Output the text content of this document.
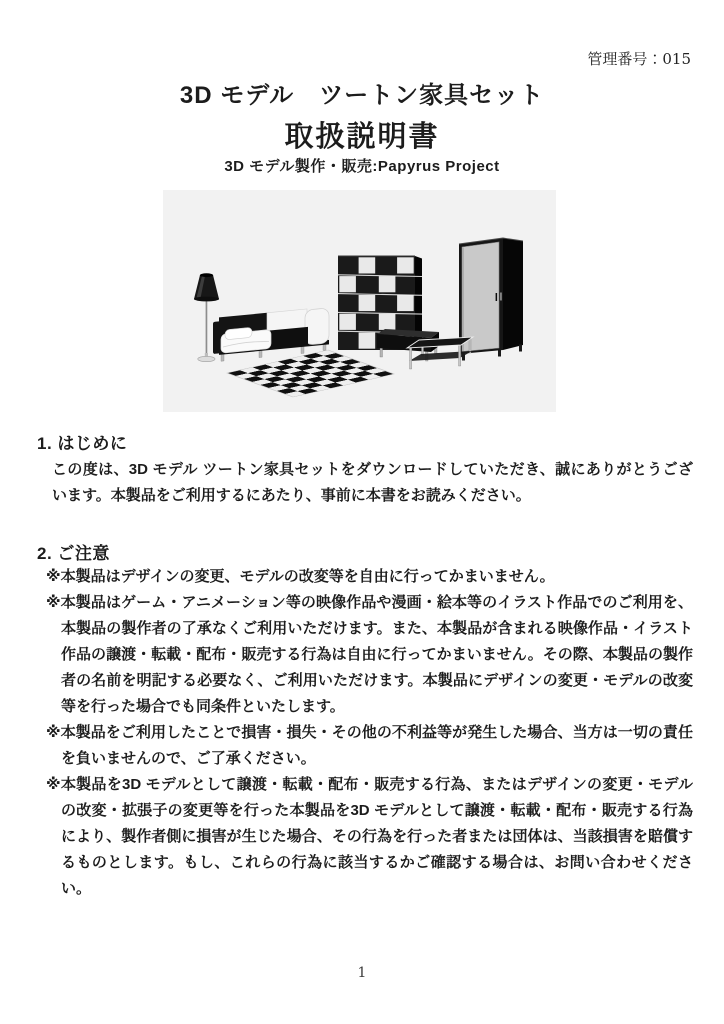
管理番号：015
3D モデル　ツートン家具セット
取扱説明書
3D モデル製作・販売:Papyrus Project
1. はじめに
この度は、3D モデル ツートン家具セットをダウンロードしていただき、誠にありがとうございます。本製品をご利用するにあたり、事前に本書をお読みください。
2. ご注意

※本製品はデザインの変更、モデルの改変等を自由に行ってかまいません。

※本製品はゲーム・アニメーション等の映像作品や漫画・絵本等のイラスト作品でのご利用を、本製品の製作者の了承なくご利用いただけます。また、本製品が含まれる映像作品・イラスト作品の譲渡・転載・配布・販売する行為は自由に行ってかまいません。その際、本製品の製作者の名前を明記する必要なく、ご利用いただけます。本製品にデザインの変更・モデルの改変等を行った場合でも同条件といたします。

※本製品をご利用したことで損害・損失・その他の不利益等が発生した場合、当方は一切の責任を負いませんので、ご了承ください。

※本製品を3D モデルとして譲渡・転載・配布・販売する行為、またはデザインの変更・モデルの改変・拡張子の変更等を行った本製品を3D モデルとして譲渡・転載・配布・販売する行為により、製作者側に損害が生じた場合、その行為を行った者または団体は、当該損害を賠償するものとします。もし、これらの行為に該当するかご確認する場合は、お問い合わせください。

1
